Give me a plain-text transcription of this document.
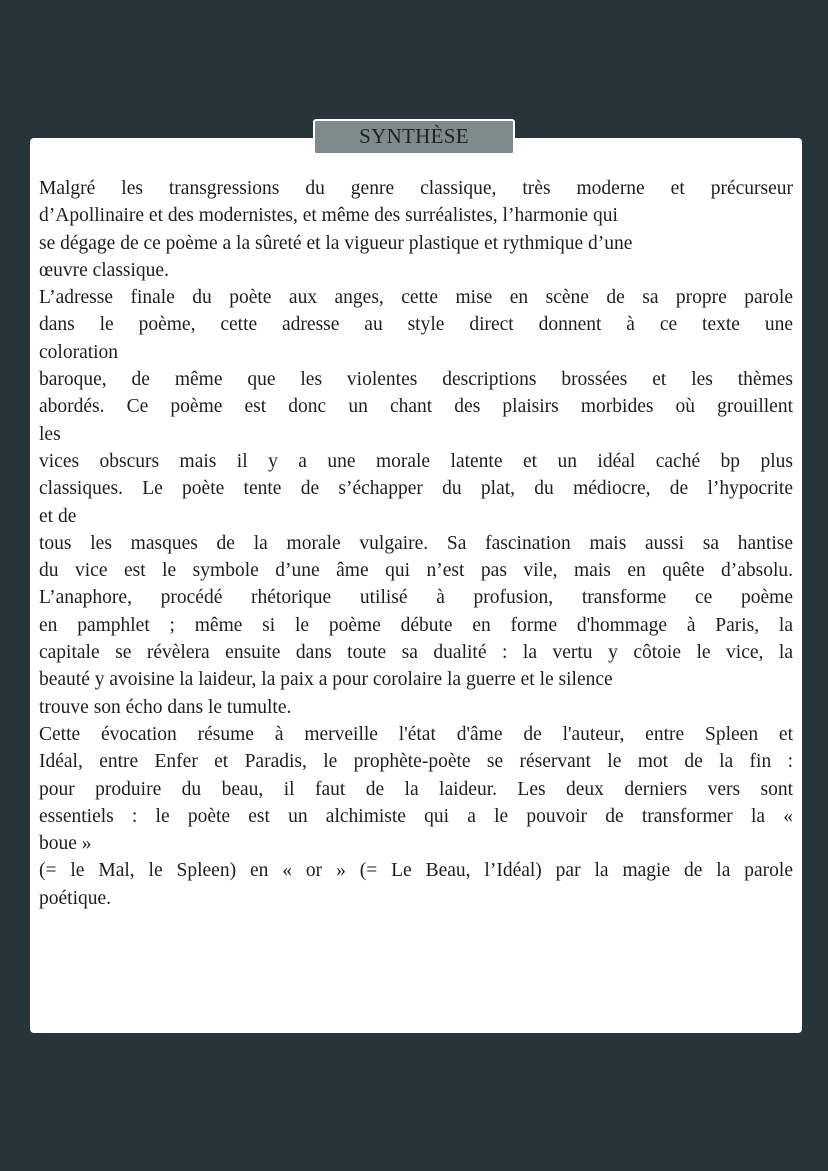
SYNTHÈSE
Malgré les transgressions du genre classique, très moderne et précurseur
d’Apollinaire et des modernistes, et même des surréalistes, l’harmonie qui
se dégage de ce poème a la sûreté et la vigueur plastique et rythmique d’une
œuvre classique.
L’adresse finale du poète aux anges, cette mise en scène de sa propre parole
dans le poème, cette adresse au style direct donnent à ce texte une
coloration
baroque, de même que les violentes descriptions brossées et les thèmes
abordés. Ce poème est donc un chant des plaisirs morbides où grouillent
les
vices obscurs mais il y a une morale latente et un idéal caché bp plus
classiques. Le poète tente de s’échapper du plat, du médiocre, de l’hypocrite
et de
tous les masques de la morale vulgaire. Sa fascination mais aussi sa hantise
du vice est le symbole d’une âme qui n’est pas vile, mais en quête d’absolu.
L’anaphore, procédé rhétorique utilisé à profusion, transforme ce poème
en pamphlet ; même si le poème débute en forme d'hommage à Paris, la
capitale se révèlera ensuite dans toute sa dualité : la vertu y côtoie le vice, la
beauté y avoisine la laideur, la paix a pour corolaire la guerre et le silence
trouve son écho dans le tumulte.
Cette évocation résume à merveille l'état d'âme de l'auteur, entre Spleen et
Idéal, entre Enfer et Paradis, le prophète-poète se réservant le mot de la fin :
pour produire du beau, il faut de la laideur. Les deux derniers vers sont
essentiels : le poète est un alchimiste qui a le pouvoir de transformer la «
boue »
(= le Mal, le Spleen) en « or » (= Le Beau, l’Idéal) par la magie de la parole
poétique.
